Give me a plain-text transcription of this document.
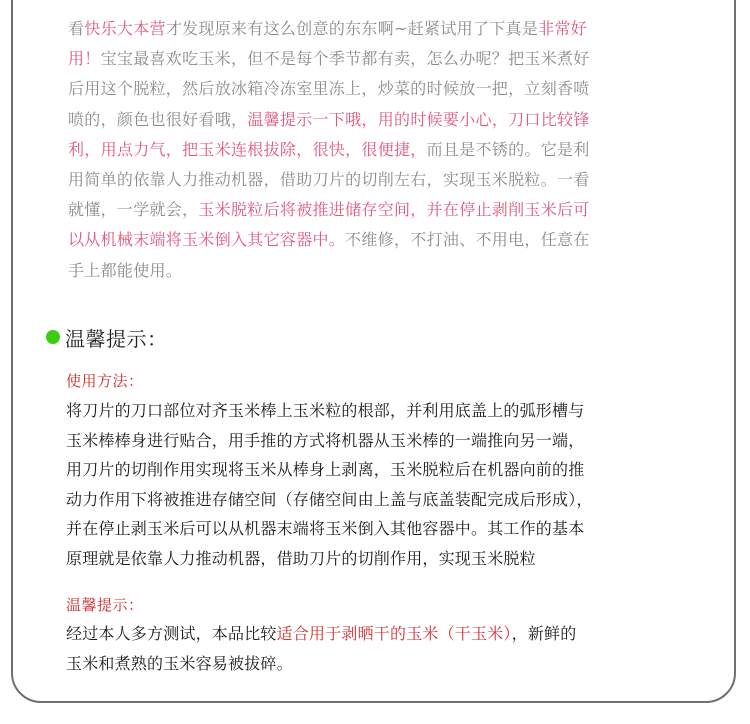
看快乐大本营才发现原来有这么创意的东东啊~赶紧试用了下真是非常好
用！宝宝最喜欢吃玉米，但不是每个季节都有卖，怎么办呢？把玉米煮好
后用这个脱粒，然后放冰箱冷冻室里冻上，炒菜的时候放一把，立刻香喷
喷的，颜色也很好看哦，温馨提示一下哦，用的时候要小心，刀口比较锋
利，用点力气，把玉米连根拔除，很快，很便捷，而且是不锈的。它是利
用简单的依靠人力推动机器，借助刀片的切削左右，实现玉米脱粒。一看
就懂，一学就会，玉米脱粒后将被推进储存空间，并在停止剥削玉米后可
以从机械末端将玉米倒入其它容器中。不维修，不打油、不用电，任意在
手上都能使用。
温馨提示：
使用方法：
将刀片的刀口部位对齐玉米棒上玉米粒的根部，并利用底盖上的弧形槽与
玉米棒棒身进行贴合，用手推的方式将机器从玉米棒的一端推向另一端，
用刀片的切削作用实现将玉米从棒身上剥离，玉米脱粒后在机器向前的推
动力作用下将被推进存储空间（存储空间由上盖与底盖装配完成后形成），
并在停止剥玉米后可以从机器末端将玉米倒入其他容器中。其工作的基本
原理就是依靠人力推动机器，借助刀片的切削作用，实现玉米脱粒
温馨提示：
经过本人多方测试，本品比较适合用于剥晒干的玉米（干玉米），新鲜的
玉米和煮熟的玉米容易被拔碎。
